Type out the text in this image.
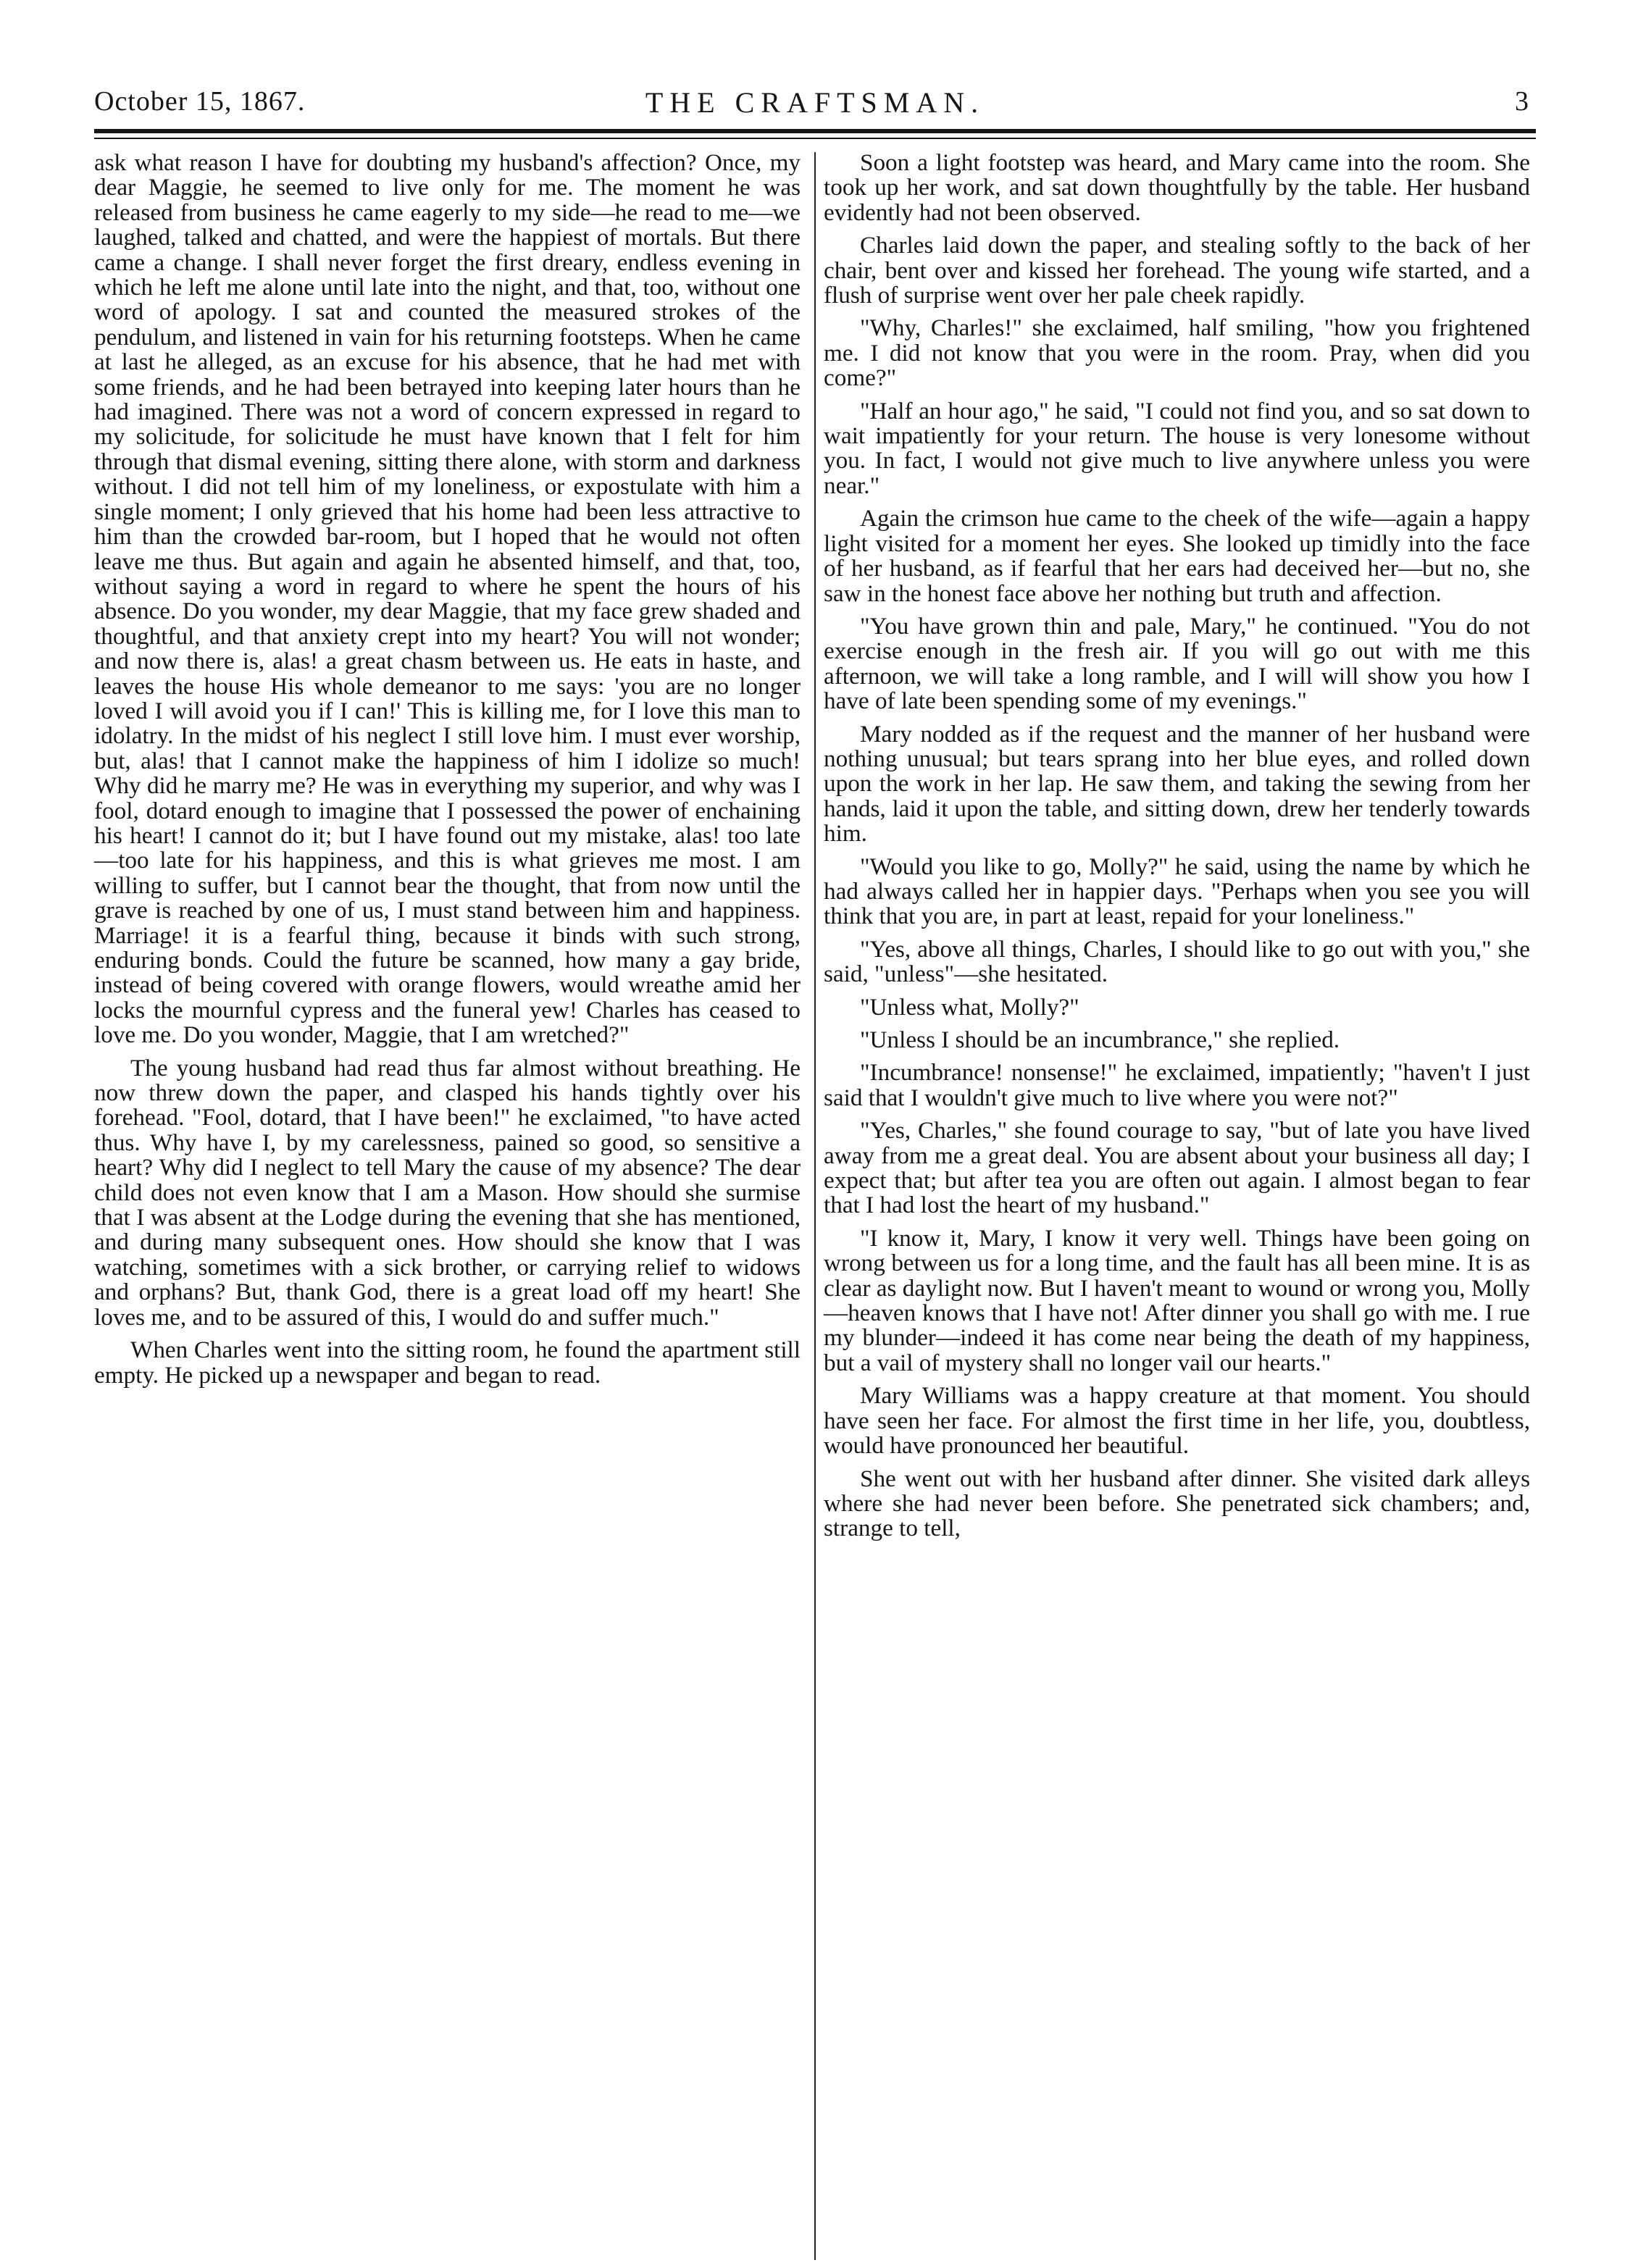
October 15, 1867.	THE CRAFTSMAN.	3

ask what reason I have for doubting my husband's affection? Once, my dear Maggie, he seemed to live only for me. The moment he was released from business he came eagerly to my side—he read to me—we laughed, talked and chatted, and were the happiest of mortals. But there came a change. I shall never forget the first dreary, endless evening in which he left me alone until late into the night, and that, too, without one word of apology. I sat and counted the measured strokes of the pendulum, and listened in vain for his returning footsteps. When he came at last he alleged, as an excuse for his absence, that he had met with some friends, and he had been betrayed into keeping later hours than he had imagined. There was not a word of concern expressed in regard to my solicitude, for solicitude he must have known that I felt for him through that dismal evening, sitting there alone, with storm and darkness without. I did not tell him of my loneliness, or expostulate with him a single moment; I only grieved that his home had been less attractive to him than the crowded bar-room, but I hoped that he would not often leave me thus. But again and again he absented himself, and that, too, without saying a word in regard to where he spent the hours of his absence. Do you wonder, my dear Maggie, that my face grew shaded and thoughtful, and that anxiety crept into my heart? You will not wonder; and now there is, alas! a great chasm between us. He eats in haste, and leaves the house His whole demeanor to me says: 'you are no longer loved I will avoid you if I can!' This is killing me, for I love this man to idolatry. In the midst of his neglect I still love him. I must ever worship, but, alas! that I cannot make the happiness of him I idolize so much! Why did he marry me? He was in everything my superior, and why was I fool, dotard enough to imagine that I possessed the power of enchaining his heart! I cannot do it; but I have found out my mistake, alas! too late—too late for his happiness, and this is what grieves me most. I am willing to suffer, but I cannot bear the thought, that from now until the grave is reached by one of us, I must stand between him and happiness. Marriage! it is a fearful thing, because it binds with such strong, enduring bonds. Could the future be scanned, how many a gay bride, instead of being covered with orange flowers, would wreathe amid her locks the mournful cypress and the funeral yew! Charles has ceased to love me. Do you wonder, Maggie, that I am wretched?"

The young husband had read thus far almost without breathing. He now threw down the paper, and clasped his hands tightly over his forehead. "Fool, dotard, that I have been!" he exclaimed, "to have acted thus. Why have I, by my carelessness, pained so good, so sensitive a heart? Why did I neglect to tell Mary the cause of my absence? The dear child does not even know that I am a Mason. How should she surmise that I was absent at the Lodge during the evening that she has mentioned, and during many subsequent ones. How should she know that I was watching, sometimes with a sick brother, or carrying relief to widows and orphans? But, thank God, there is a great load off my heart! She loves me, and to be assured of this, I would do and suffer much."

When Charles went into the sitting room, he found the apartment still empty. He picked up a newspaper and began to read.

Soon a light footstep was heard, and Mary came into the room. She took up her work, and sat down thoughtfully by the table. Her husband evidently had not been observed.

Charles laid down the paper, and stealing softly to the back of her chair, bent over and kissed her forehead. The young wife started, and a flush of surprise went over her pale cheek rapidly.

"Why, Charles!" she exclaimed, half smiling, "how you frightened me. I did not know that you were in the room. Pray, when did you come?"

"Half an hour ago," he said, "I could not find you, and so sat down to wait impatiently for your return. The house is very lonesome without you. In fact, I would not give much to live anywhere unless you were near."

Again the crimson hue came to the cheek of the wife—again a happy light visited for a moment her eyes. She looked up timidly into the face of her husband, as if fearful that her ears had deceived her—but no, she saw in the honest face above her nothing but truth and affection.

"You have grown thin and pale, Mary," he continued. "You do not exercise enough in the fresh air. If you will go out with me this afternoon, we will take a long ramble, and I will will show you how I have of late been spending some of my evenings."

Mary nodded as if the request and the manner of her husband were nothing unusual; but tears sprang into her blue eyes, and rolled down upon the work in her lap. He saw them, and taking the sewing from her hands, laid it upon the table, and sitting down, drew her tenderly towards him.

"Would you like to go, Molly?" he said, using the name by which he had always called her in happier days. "Perhaps when you see you will think that you are, in part at least, repaid for your loneliness."

"Yes, above all things, Charles, I should like to go out with you," she said, "unless"—she hesitated.

"Unless what, Molly?"

"Unless I should be an incumbrance," she replied.

"Incumbrance! nonsense!" he exclaimed, impatiently; "haven't I just said that I wouldn't give much to live where you were not?"

"Yes, Charles," she found courage to say, "but of late you have lived away from me a great deal. You are absent about your business all day; I expect that; but after tea you are often out again. I almost began to fear that I had lost the heart of my husband."

"I know it, Mary, I know it very well. Things have been going on wrong between us for a long time, and the fault has all been mine. It is as clear as daylight now. But I haven't meant to wound or wrong you, Molly—heaven knows that I have not! After dinner you shall go with me. I rue my blunder—indeed it has come near being the death of my happiness, but a vail of mystery shall no longer vail our hearts."

Mary Williams was a happy creature at that moment. You should have seen her face. For almost the first time in her life, you, doubtless, would have pronounced her beautiful.

She went out with her husband after dinner. She visited dark alleys where she had never been before. She penetrated sick chambers; and, strange to tell,
